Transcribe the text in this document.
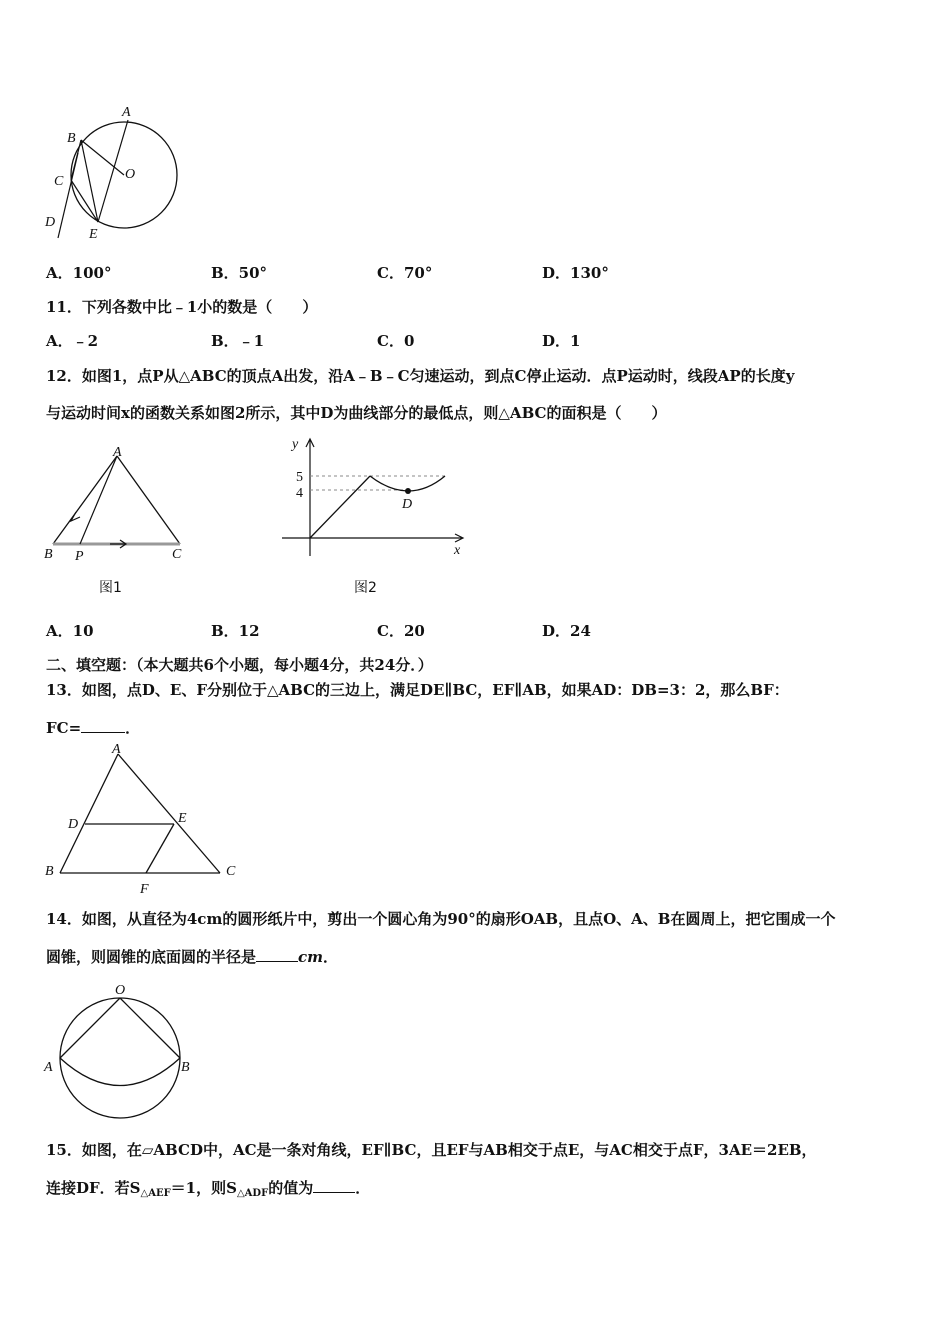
A
B
C
D
E
O
A．100°	B．50°	C．70°	D．130°
11．下列各数中比﹣1小的数是（　　）
A．﹣2	B．﹣1	C．0	D．1
12．如图1，点P从△ABC的顶点A出发，沿A﹣B﹣C匀速运动，到点C停止运动．点P运动时，线段AP的长度y
与运动时间x的函数关系如图2所示，其中D为曲线部分的最低点，则△ABC的面积是（　　）
A
B P	C
图1
y
x
5
4
D
图2
A．10	B．12	C．20	D．24
二、填空题：（本大题共6个小题，每小题4分，共24分．）
13．如图，点D、E、F分别位于△ABC的三边上，满足DE∥BC，EF∥AB，如果AD：DB=3：2，那么BF：
FC=	．
A
D	E
B
F
C
14．如图，从直径为4cm的圆形纸片中，剪出一个圆心角为90°的扇形OAB，且点O、A、B在圆周上，把它围成一个
圆锥，则圆锥的底面圆的半径是	cm．
O
A	B
15．如图，在▱ABCD中，AC是一条对角线，EF∥BC，且EF与AB相交于点E，与AC相交于点F，3AE＝2EB，
连接DF．若$S_{\triangle AEF}=1$，则$S_{\triangle ADF}$的值为	．
